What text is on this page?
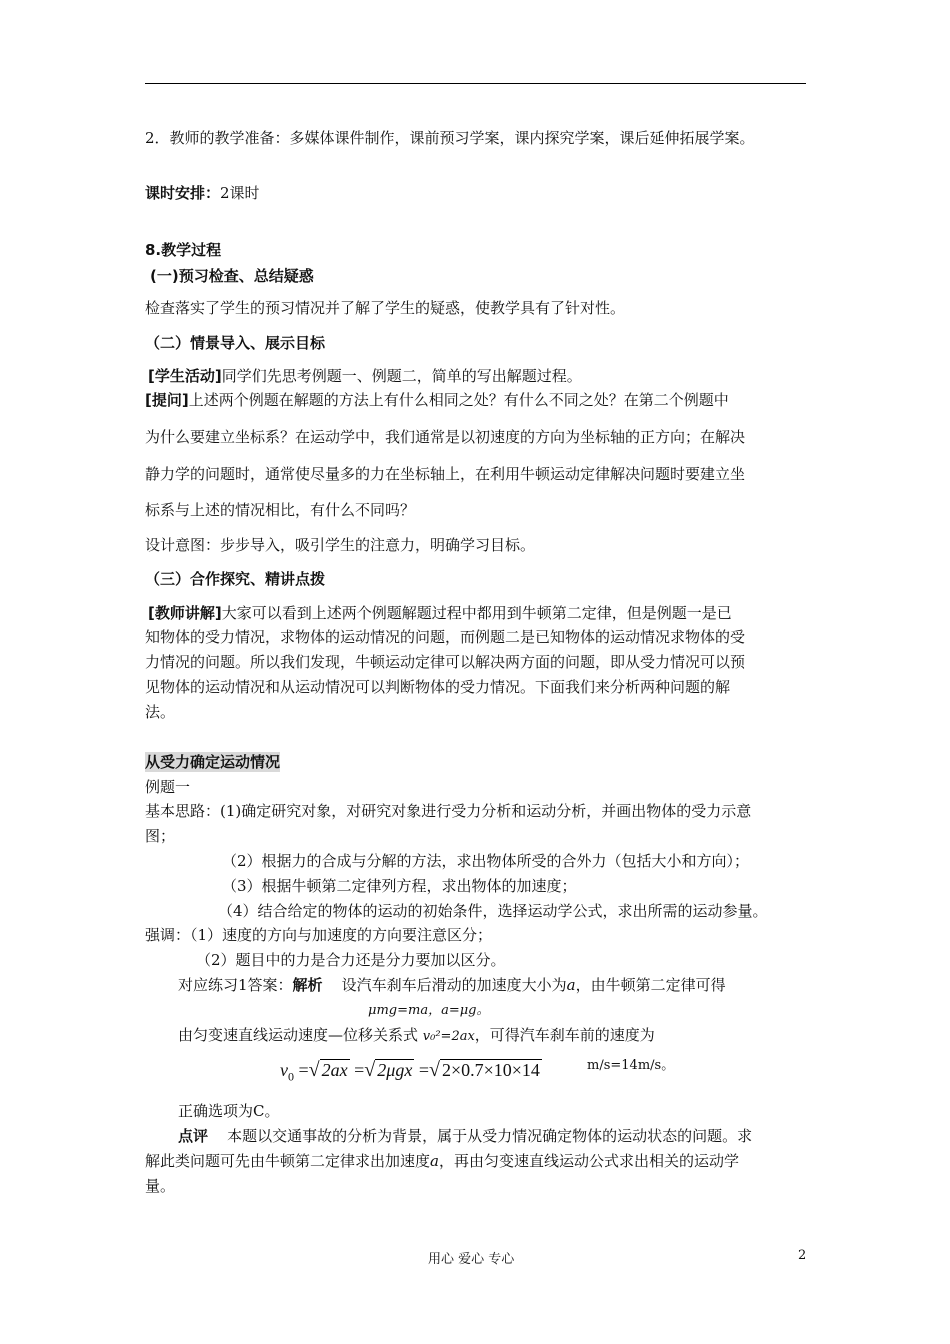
2．教师的教学准备：多媒体课件制作，课前预习学案，课内探究学案，课后延伸拓展学案。
课时安排：2课时
8.教学过程
(一)预习检查、总结疑惑
检查落实了学生的预习情况并了解了学生的疑惑，使教学具有了针对性。
（二）情景导入、展示目标
[学生活动]同学们先思考例题一、例题二，简单的写出解题过程。
[提问]上述两个例题在解题的方法上有什么相同之处？有什么不同之处？在第二个例题中
为什么要建立坐标系？在运动学中，我们通常是以初速度的方向为坐标轴的正方向；在解决
静力学的问题时，通常使尽量多的力在坐标轴上，在利用牛顿运动定律解决问题时要建立坐
标系与上述的情况相比，有什么不同吗？
设计意图：步步导入，吸引学生的注意力，明确学习目标。
（三）合作探究、精讲点拨
[教师讲解]大家可以看到上述两个例题解题过程中都用到牛顿第二定律，但是例题一是已
知物体的受力情况，求物体的运动情况的问题，而例题二是已知物体的运动情况求物体的受
力情况的问题。所以我们发现，牛顿运动定律可以解决两方面的问题，即从受力情况可以预
见物体的运动情况和从运动情况可以判断物体的受力情况。下面我们来分析两种问题的解
法。
从受力确定运动情况
例题一
基本思路：(1)确定研究对象，对研究对象进行受力分析和运动分析，并画出物体的受力示意
图；
（2）根据力的合成与分解的方法，求出物体所受的合外力（包括大小和方向）；
（3）根据牛顿第二定律列方程，求出物体的加速度；
（4）结合给定的物体的运动的初始条件，选择运动学公式，求出所需的运动参量。
强调：（1）速度的方向与加速度的方向要注意区分；
（2）题目中的力是合力还是分力要加以区分。
对应练习1答案：解析 设汽车刹车后滑动的加速度大小为a，由牛顿第二定律可得
μmg=ma，a=μg。
由匀变速直线运动速度—位移关系式 v₀²=2ax，可得汽车刹车前的速度为
$v_0$ =√ 2ax =√ 2μgx =√ 2×0.7×10×14	m/s=14m/s。
正确选项为C。
点评 本题以交通事故的分析为背景，属于从受力情况确定物体的运动状态的问题。求
解此类问题可先由牛顿第二定律求出加速度a，再由匀变速直线运动公式求出相关的运动学
量。
用心 爱心 专心	2
